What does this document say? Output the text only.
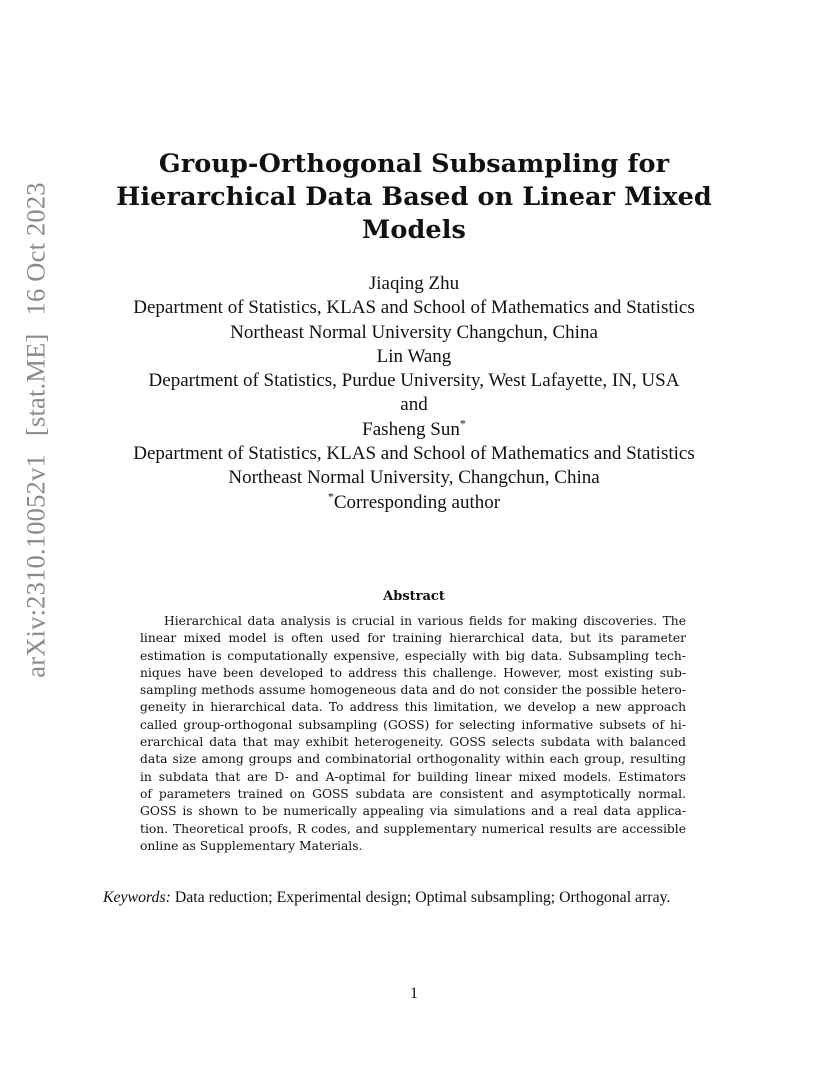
arXiv:2310.10052v1[stat.ME]16 Oct 2023
Group-Orthogonal Subsampling for
Hierarchical Data Based on Linear Mixed
Models
Jiaqing Zhu
Department of Statistics, KLAS and School of Mathematics and Statistics
Northeast Normal University Changchun, China
Lin Wang
Department of Statistics, Purdue University, West Lafayette, IN, USA
and
Fasheng Sun*
Department of Statistics, KLAS and School of Mathematics and Statistics
Northeast Normal University, Changchun, China
*Corresponding author
Abstract
Hierarchical data analysis is crucial in various fields for making discoveries. The
linear mixed model is often used for training hierarchical data, but its parameter
estimation is computationally expensive, especially with big data. Subsampling tech-
niques have been developed to address this challenge. However, most existing sub-
sampling methods assume homogeneous data and do not consider the possible hetero-
geneity in hierarchical data. To address this limitation, we develop a new approach
called group-orthogonal subsampling (GOSS) for selecting informative subsets of hi-
erarchical data that may exhibit heterogeneity. GOSS selects subdata with balanced
data size among groups and combinatorial orthogonality within each group, resulting
in subdata that are D- and A-optimal for building linear mixed models. Estimators
of parameters trained on GOSS subdata are consistent and asymptotically normal.
GOSS is shown to be numerically appealing via simulations and a real data applica-
tion. Theoretical proofs, R codes, and supplementary numerical results are accessible
online as Supplementary Materials.
Keywords: Data reduction; Experimental design; Optimal subsampling; Orthogonal array.
1
